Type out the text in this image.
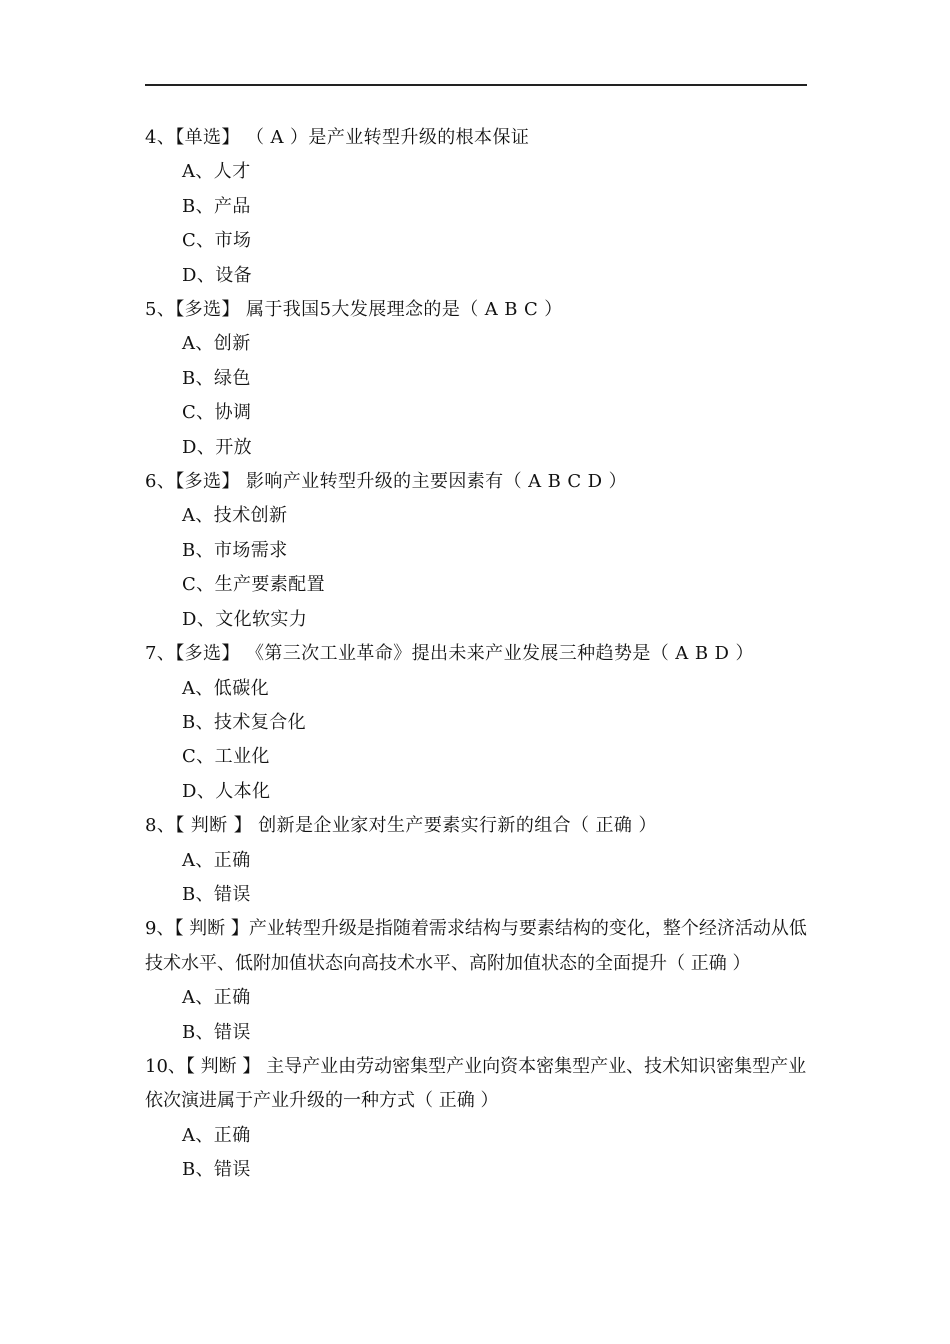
4、【单选】 （ A ）是产业转型升级的根本保证
A、人才
B、产品
C、市场
D、设备
5、【多选】 属于我国5大发展理念的是（ A B C ）
A、创新
B、绿色
C、协调
D、开放
6、【多选】 影响产业转型升级的主要因素有（ A B C D ）
A、技术创新
B、市场需求
C、生产要素配置
D、文化软实力
7、【多选】 《第三次工业革命》提出未来产业发展三种趋势是（ A B D ）
A、低碳化
B、技术复合化
C、工业化
D、人本化
8、【 判断 】 创新是企业家对生产要素实行新的组合（ 正确 ）
A、正确
B、错误
9、【 判断 】产业转型升级是指随着需求结构与要素结构的变化，整个经济活动从低技术水平、低附加值状态向高技术水平、高附加值状态的全面提升（ 正确 ）
A、正确
B、错误
10、【 判断 】 主导产业由劳动密集型产业向资本密集型产业、技术知识密集型产业依次演进属于产业升级的一种方式（ 正确 ）
A、正确
B、错误
